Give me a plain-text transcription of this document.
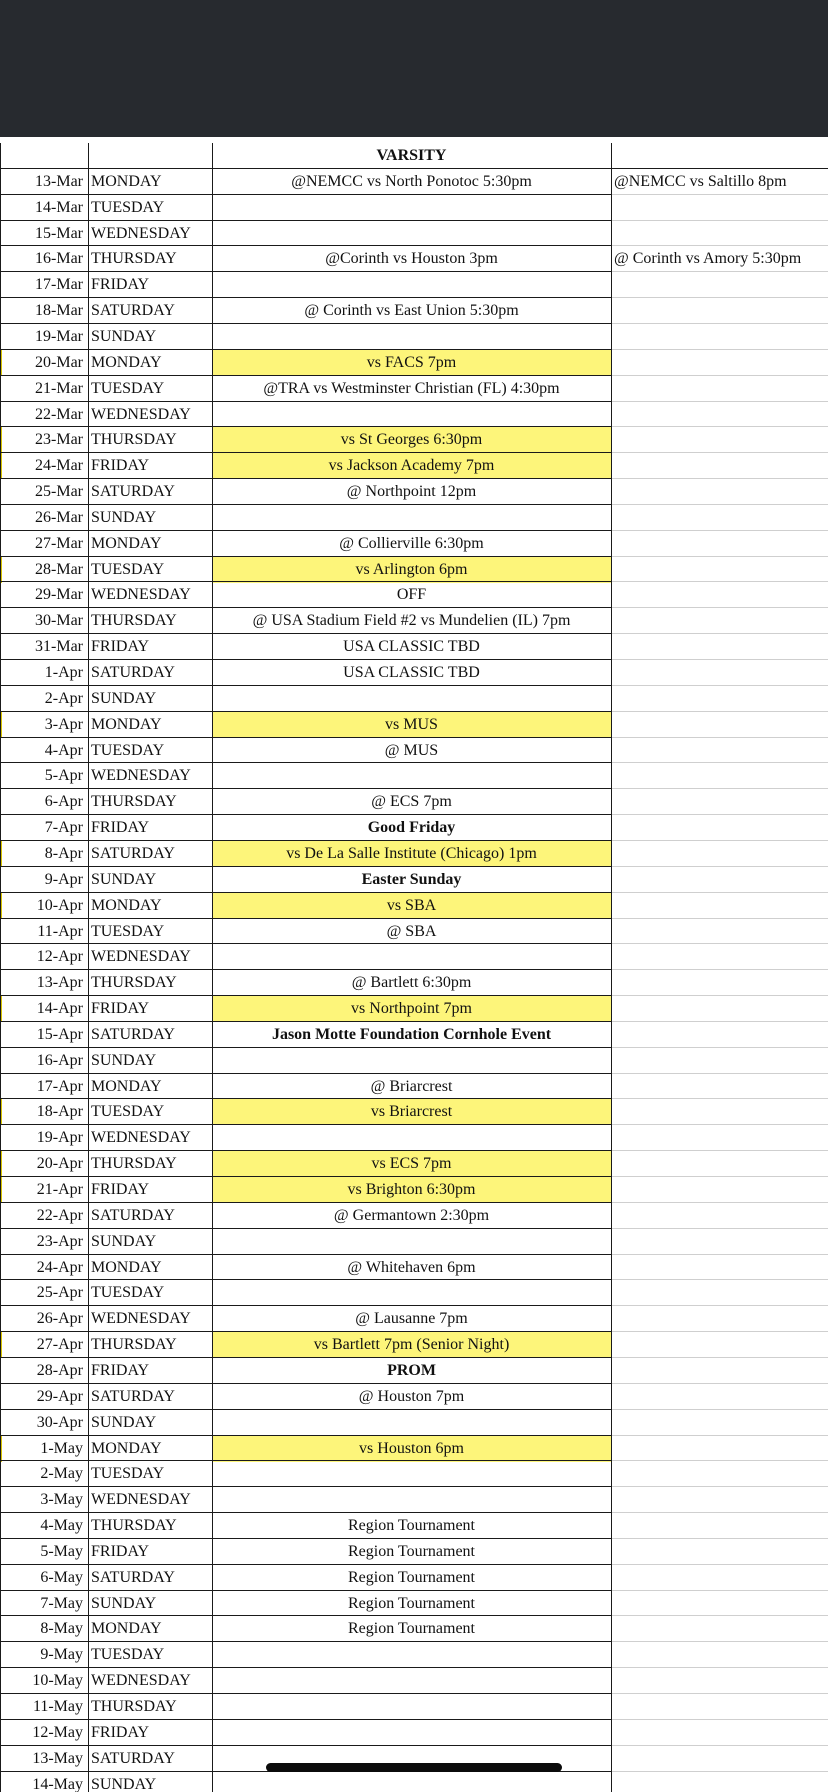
VARSITY
13-Mar MONDAY	@NEMCC vs North Ponotoc 5:30pm	@NEMCC vs Saltillo 8pm
14-Mar TUESDAY
15-Mar WEDNESDAY
16-Mar THURSDAY	@Corinth vs Houston 3pm	@ Corinth vs Amory 5:30pm
17-Mar FRIDAY
18-Mar SATURDAY	@ Corinth vs East Union 5:30pm
19-Mar SUNDAY
20-Mar MONDAY	vs FACS 7pm
21-Mar TUESDAY	@TRA vs Westminster Christian (FL) 4:30pm
22-Mar WEDNESDAY
23-Mar THURSDAY	vs St Georges 6:30pm
24-Mar FRIDAY	vs Jackson Academy 7pm
25-Mar SATURDAY	@ Northpoint 12pm
26-Mar SUNDAY
27-Mar MONDAY	@ Collierville 6:30pm
28-Mar TUESDAY	vs Arlington 6pm
29-Mar WEDNESDAY	OFF
30-Mar THURSDAY	@ USA Stadium Field #2 vs Mundelien (IL) 7pm
31-Mar FRIDAY	USA CLASSIC TBD
1-Apr SATURDAY	USA CLASSIC TBD
2-Apr SUNDAY
3-Apr MONDAY	vs MUS
4-Apr TUESDAY	@ MUS
5-Apr WEDNESDAY
6-Apr THURSDAY	@ ECS 7pm
7-Apr FRIDAY	Good Friday
8-Apr SATURDAY	vs De La Salle Institute (Chicago) 1pm
9-Apr SUNDAY	Easter Sunday
10-Apr MONDAY	vs SBA
11-Apr TUESDAY	@ SBA
12-Apr WEDNESDAY
13-Apr THURSDAY	@ Bartlett 6:30pm
14-Apr FRIDAY	vs Northpoint 7pm
15-Apr SATURDAY	Jason Motte Foundation Cornhole Event
16-Apr SUNDAY
17-Apr MONDAY	@ Briarcrest
18-Apr TUESDAY	vs Briarcrest
19-Apr WEDNESDAY
20-Apr THURSDAY	vs ECS 7pm
21-Apr FRIDAY	vs Brighton 6:30pm
22-Apr SATURDAY	@ Germantown 2:30pm
23-Apr SUNDAY
24-Apr MONDAY	@ Whitehaven 6pm
25-Apr TUESDAY
26-Apr WEDNESDAY	@ Lausanne 7pm
27-Apr THURSDAY	vs Bartlett 7pm (Senior Night)
28-Apr FRIDAY	PROM
29-Apr SATURDAY	@ Houston 7pm
30-Apr SUNDAY
1-May MONDAY	vs Houston 6pm
2-May TUESDAY
3-May WEDNESDAY
4-May THURSDAY	Region Tournament
5-May FRIDAY	Region Tournament
6-May SATURDAY	Region Tournament
7-May SUNDAY	Region Tournament
8-May MONDAY	Region Tournament
9-May TUESDAY
10-May WEDNESDAY
11-May THURSDAY
12-May FRIDAY
13-May SATURDAY
14-May SUNDAY
